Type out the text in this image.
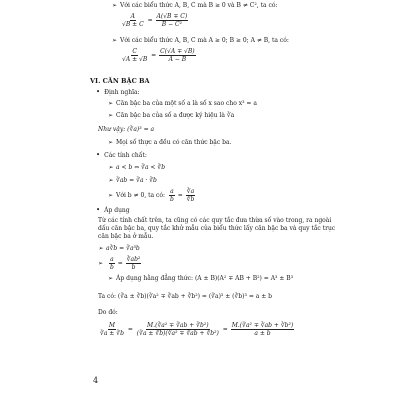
➢ Với các biểu thức A, B, C mà B ≥ 0 và B ≠ C², ta có:
$\frac{A}{√B \pm C} = \frac{A(√B \mp C)}{\text{B − C²}}$
➢ Với các biểu thức A, B, C mà A ≥ 0; B ≥ 0; A ≠ B, ta có:
$\frac{C}{√A \pm √B} = \frac{C(√A \mp √B)}{A - B}$
VI. CĂN BẬC BA
• Định nghĩa:
➢ Căn bậc ba của một số a là số x sao cho x³ = a
➢ Căn bậc ba của số a được ký hiệu là ∛a
Như vậy: (∛a)³ = a
➢ Mọi số thực a đều có căn thức bậc ba.
• Các tính chất:
➢ a < b ⇔ ∛a < ∛b
➢ ∛ab = ∛a · ∛b
➢ Với b ≠ 0, ta có: $\frac{a}{b} = \frac{∛a}{∛b}$
• Áp dụng
Từ các tính chất trên, ta cũng có các quy tắc đưa thừa số vào trong, ra ngoài
dấu căn bậc ba, quy tắc khử mẫu của biểu thức lấy căn bậc ba và quy tắc trục
căn bậc ba ở mẫu.
➢ a∛b = ∛a³b
➢
$\frac{a}{b} = \frac{\text{∛ab²}}{b}$
➢ Áp dụng hằng đẳng thức: (A ± B)(A² ∓ AB + B²) = A³ ± B³
Ta có: (∛a ± ∛b)(∛a² ∓ ∛ab + ∛b²) = (∛a)³ ± (∛b)³ = a ± b
Do đó:
$\frac{M}{∛a \pm ∛b} = \frac{\text{M.(∛a² ∓ ∛ab + ∛b²)}}{\text{(∛a ± ∛b)(∛a² ∓ ∛ab + ∛b²)}} = \frac{\text{M.(∛a² ∓ ∛ab + ∛b²)}}{a \pm b}$
4
